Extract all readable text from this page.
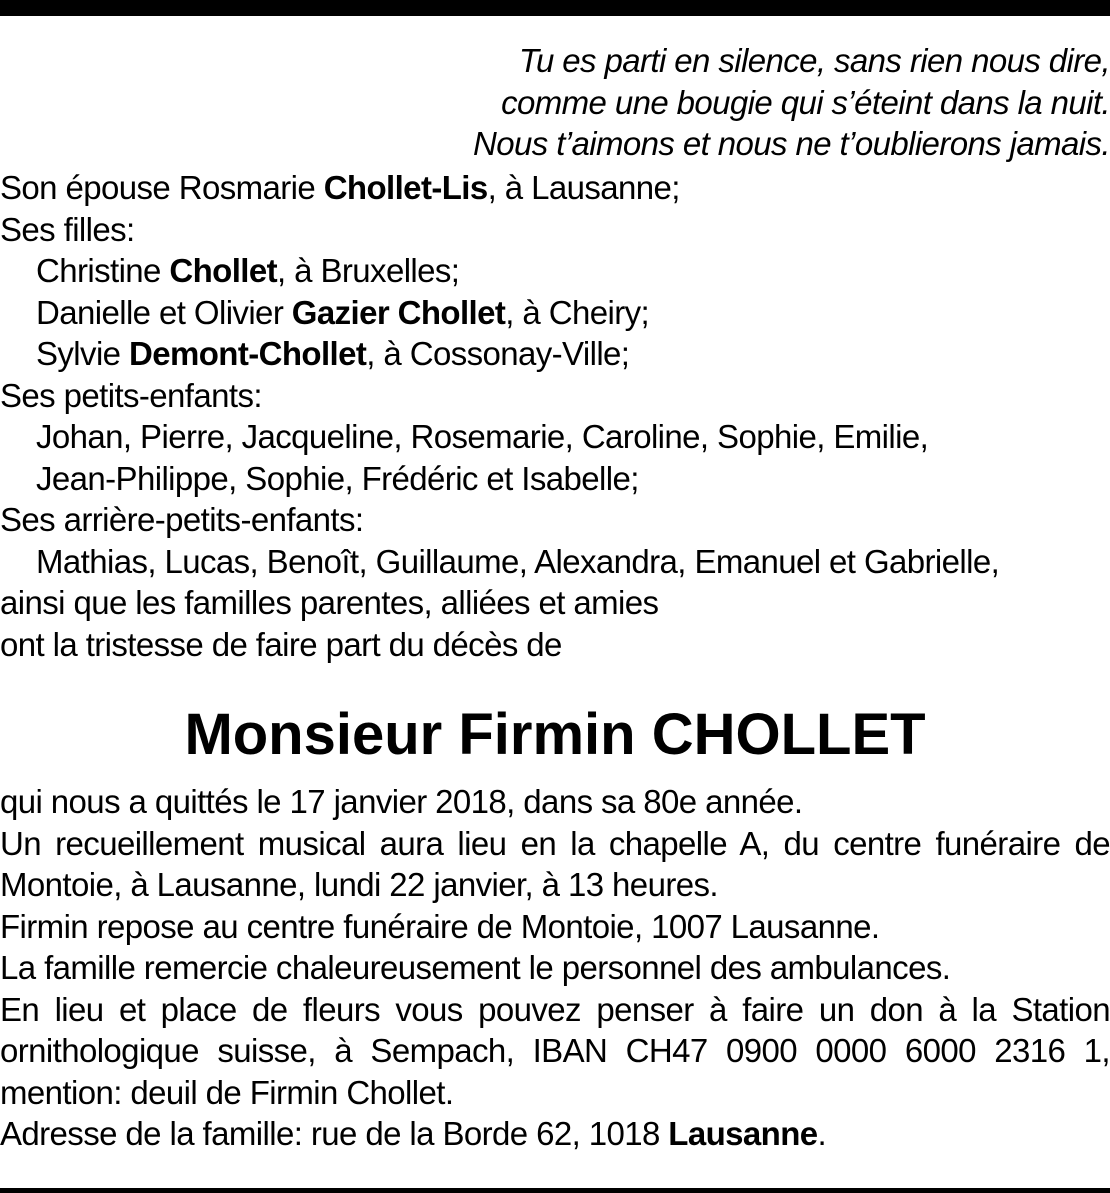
Tu es parti en silence, sans rien nous dire,
comme une bougie qui s’éteint dans la nuit.
Nous t’aimons et nous ne t’oublierons jamais.
Son épouse Rosmarie Chollet-Lis, à Lausanne;
Ses filles:
Christine Chollet, à Bruxelles;
Danielle et Olivier Gazier Chollet, à Cheiry;
Sylvie Demont-Chollet, à Cossonay-Ville;
Ses petits-enfants:
Johan, Pierre, Jacqueline, Rosemarie, Caroline, Sophie, Emilie,
Jean-Philippe, Sophie, Frédéric et Isabelle;
Ses arrière-petits-enfants:
Mathias, Lucas, Benoît, Guillaume, Alexandra, Emanuel et Gabrielle,
ainsi que les familles parentes, alliées et amies
ont la tristesse de faire part du décès de
Monsieur Firmin CHOLLET
qui nous a quittés le 17 janvier 2018, dans sa 80e année.
Un recueillement musical aura lieu en la chapelle A, du centre funéraire de Montoie, à Lausanne, lundi 22 janvier, à 13 heures.
Firmin repose au centre funéraire de Montoie, 1007 Lausanne.
La famille remercie chaleureusement le personnel des ambulances.
En lieu et place de fleurs vous pouvez penser à faire un don à la Station ornithologique suisse, à Sempach, IBAN CH47 0900 0000 6000 2316 1, mention: deuil de Firmin Chollet.
Adresse de la famille: rue de la Borde 62, 1018 Lausanne.
